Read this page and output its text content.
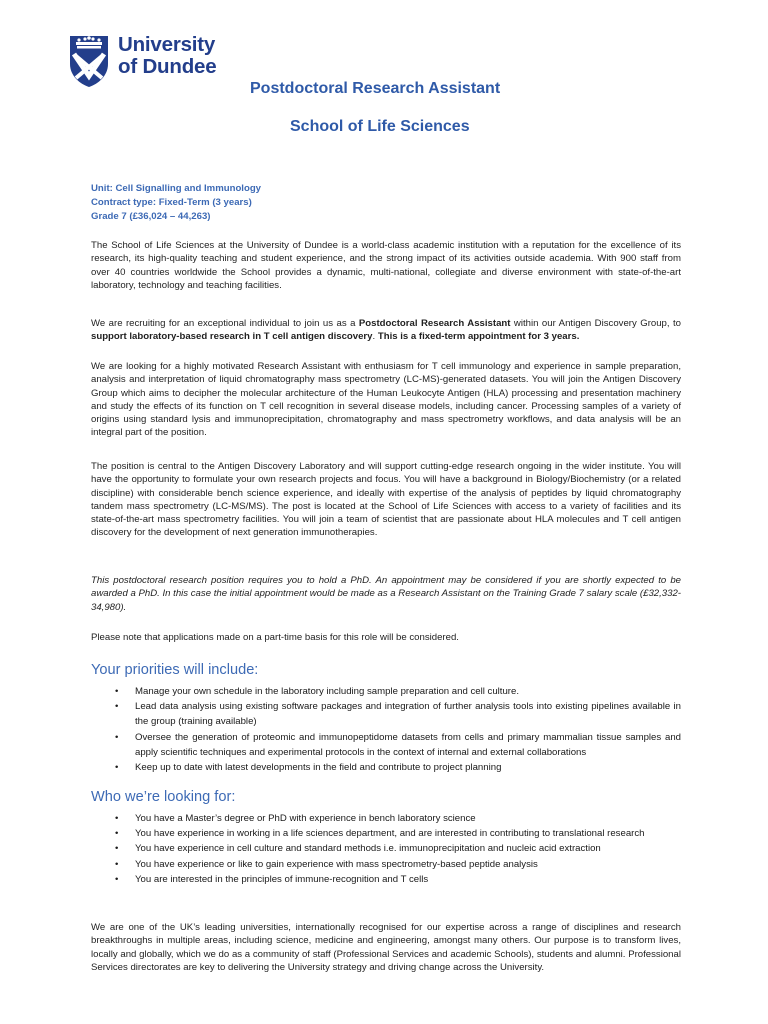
University
of Dundee
Postdoctoral Research Assistant
School of Life Sciences
Unit: Cell Signalling and Immunology
Contract type: Fixed-Term (3 years)
Grade 7 (£36,024 – 44,263)

The School of Life Sciences at the University of Dundee is a world-class academic institution with a reputation for the excellence of its research, its high-quality teaching and student experience, and the strong impact of its activities outside academia. With 900 staff from over 40 countries worldwide the School provides a dynamic, multi-national, collegiate and diverse environment with state-of-the-art laboratory, technology and teaching facilities.

We are recruiting for an exceptional individual to join us as a Postdoctoral Research Assistant within our Antigen Discovery Group, to support laboratory-based research in T cell antigen discovery. This is a fixed-term appointment for 3 years.

We are looking for a highly motivated Research Assistant with enthusiasm for T cell immunology and experience in sample preparation, analysis and interpretation of liquid chromatography mass spectrometry (LC-MS)-generated datasets. You will join the Antigen Discovery Group which aims to decipher the molecular architecture of the Human Leukocyte Antigen (HLA) processing and presentation machinery and study the effects of its function on T cell recognition in several disease models, including cancer. Processing samples of a variety of origins using standard lysis and immunoprecipitation, chromatography and mass spectrometry workflows, and data analysis will be an integral part of the position.

The position is central to the Antigen Discovery Laboratory and will support cutting-edge research ongoing in the wider institute. You will have the opportunity to formulate your own research projects and focus. You will have a background in Biology/Biochemistry (or a related discipline) with considerable bench science experience, and ideally with expertise of the analysis of peptides by liquid chromatography tandem mass spectrometry (LC-MS/MS). The post is located at the School of Life Sciences with access to a variety of facilities and its state-of-the-art mass spectrometry facilities. You will join a team of scientist that are passionate about HLA molecules and T cell antigen discovery for the development of next generation immunotherapies.

This postdoctoral research position requires you to hold a PhD. An appointment may be considered if you are shortly expected to be awarded a PhD. In this case the initial appointment would be made as a Research Assistant on the Training Grade 7 salary scale (£32,332-34,980).

Please note that applications made on a part-time basis for this role will be considered.

Your priorities will include:
• Manage your own schedule in the laboratory including sample preparation and cell culture.
• Lead data analysis using existing software packages and integration of further analysis tools into existing pipelines available in the group (training available)
• Oversee the generation of proteomic and immunopeptidome datasets from cells and primary mammalian tissue samples and apply scientific techniques and experimental protocols in the context of internal and external collaborations
• Keep up to date with latest developments in the field and contribute to project planning
Who we’re looking for:
• You have a Master’s degree or PhD with experience in bench laboratory science
• You have experience in working in a life sciences department, and are interested in contributing to translational research
• You have experience in cell culture and standard methods i.e. immunoprecipitation and nucleic acid extraction
• You have experience or like to gain experience with mass spectrometry-based peptide analysis
• You are interested in the principles of immune-recognition and T cells

We are one of the UK’s leading universities, internationally recognised for our expertise across a range of disciplines and research breakthroughs in multiple areas, including science, medicine and engineering, amongst many others. Our purpose is to transform lives, locally and globally, which we do as a community of staff (Professional Services and academic Schools), students and alumni. Professional Services directorates are key to delivering the University strategy and driving change across the University.
